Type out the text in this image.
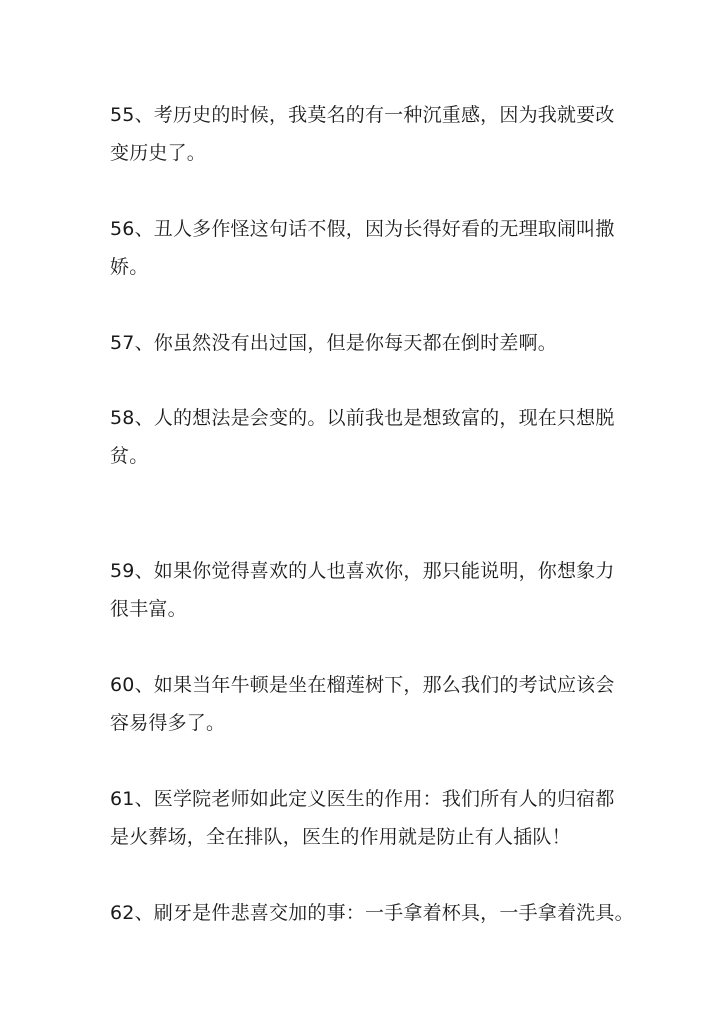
55、考历史的时候，我莫名的有一种沉重感，因为我就要改
变历史了。

56、丑人多作怪这句话不假，因为长得好看的无理取闹叫撒
娇。

57、你虽然没有出过国，但是你每天都在倒时差啊。

58、人的想法是会变的。以前我也是想致富的，现在只想脱
贫。

59、如果你觉得喜欢的人也喜欢你，那只能说明，你想象力
很丰富。

60、如果当年牛顿是坐在榴莲树下，那么我们的考试应该会
容易得多了。

61、医学院老师如此定义医生的作用：我们所有人的归宿都
是火葬场，全在排队，医生的作用就是防止有人插队！

62、刷牙是件悲喜交加的事：一手拿着杯具，一手拿着洗具。
